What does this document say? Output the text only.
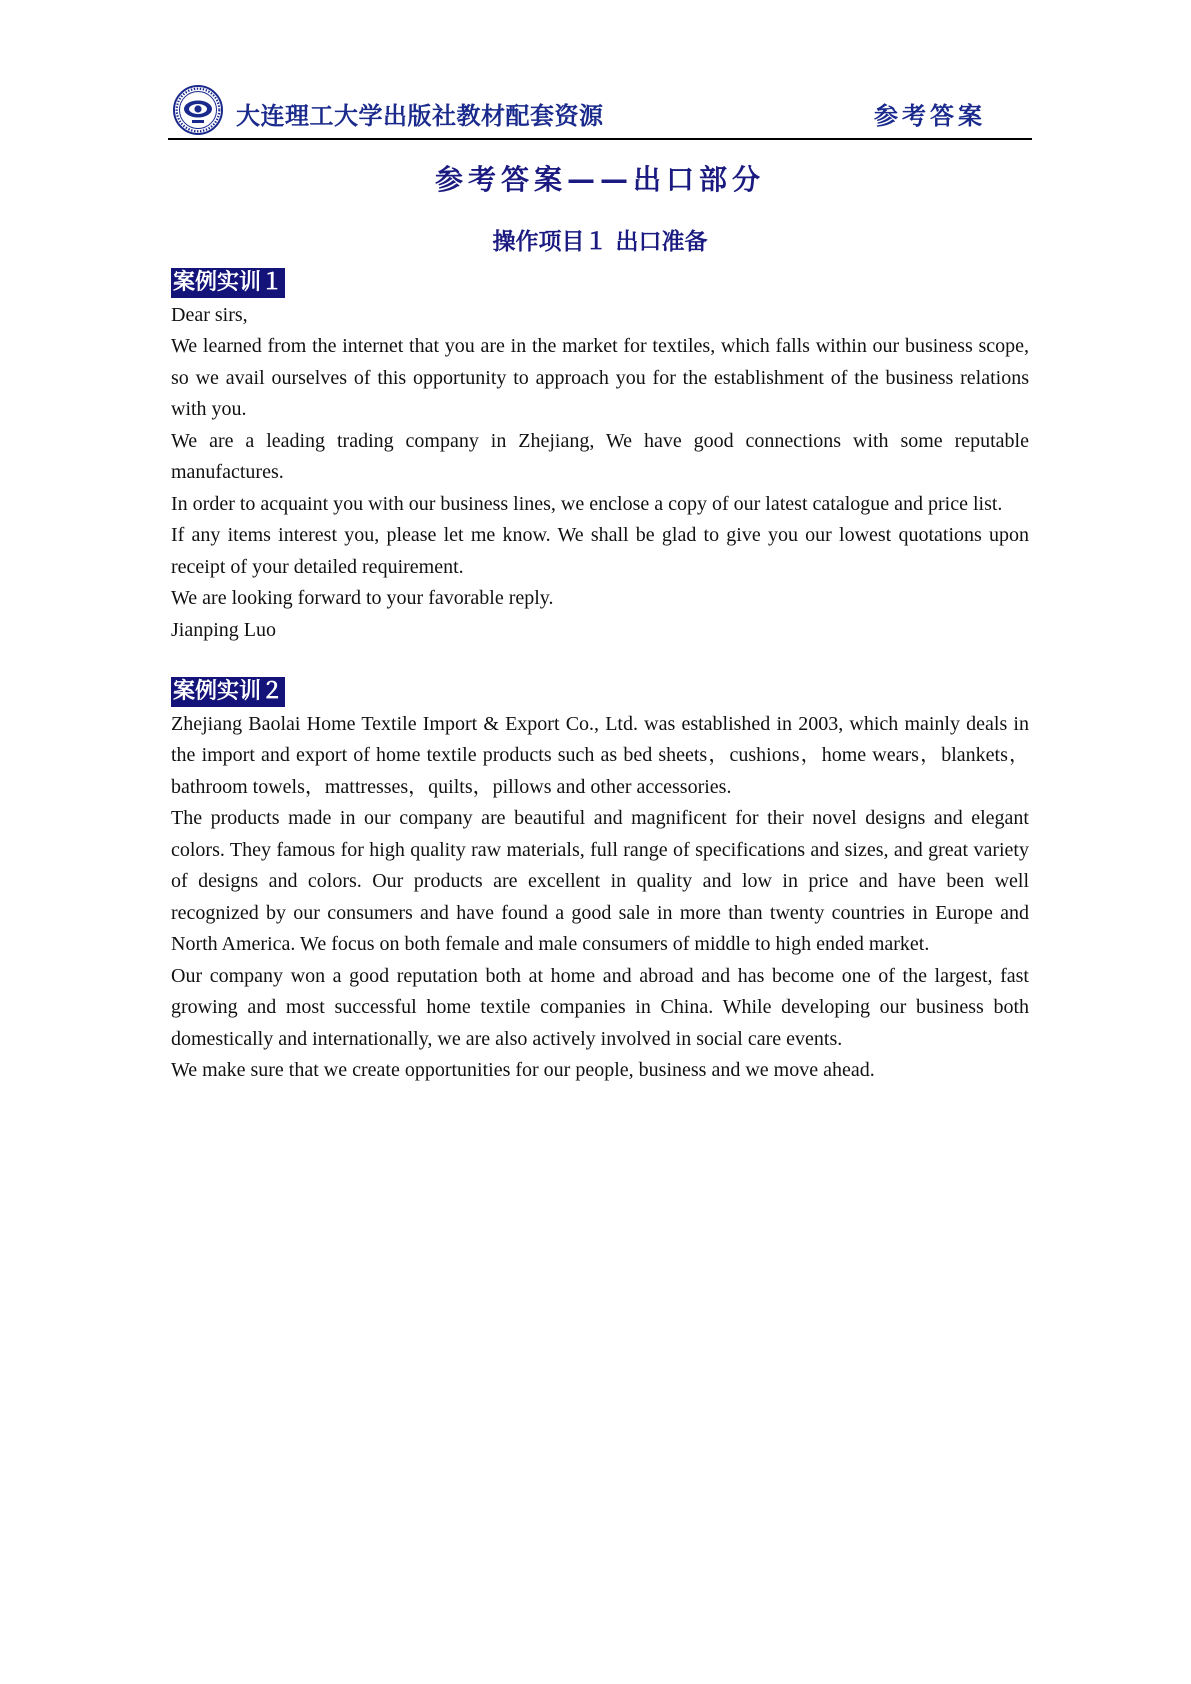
大连理工大学出版社教材配套资源	参考答案
参考答案——出口部分
操作项目１ 出口准备
案例实训１

Dear sirs,

We learned from the internet that you are in the market for textiles, which falls within our business scope, so we avail ourselves of this opportunity to approach you for the establishment of the business relations with you.

We are a leading trading company in Zhejiang, We have good connections with some reputable manufactures.

In order to acquaint you with our business lines, we enclose a copy of our latest catalogue and price list.

If any items interest you, please let me know. We shall be glad to give you our lowest quotations upon receipt of your detailed requirement.

We are looking forward to your favorable reply.

Jianping Luo

案例实训２

Zhejiang Baolai Home Textile Import & Export Co., Ltd. was established in 2003, which mainly deals in the import and export of home textile products such as bed sheets，cushions，home wears，blankets，bathroom towels，mattresses，quilts，pillows and other accessories.

The products made in our company are beautiful and magnificent for their novel designs and elegant colors. They famous for high quality raw materials, full range of specifications and sizes, and great variety of designs and colors. Our products are excellent in quality and low in price and have been well recognized by our consumers and have found a good sale in more than twenty countries in Europe and North America. We focus on both female and male consumers of middle to high ended market.

Our company won a good reputation both at home and abroad and has become one of the largest, fast growing and most successful home textile companies in China. While developing our business both domestically and internationally, we are also actively involved in social care events.

We make sure that we create opportunities for our people, business and we move ahead.
